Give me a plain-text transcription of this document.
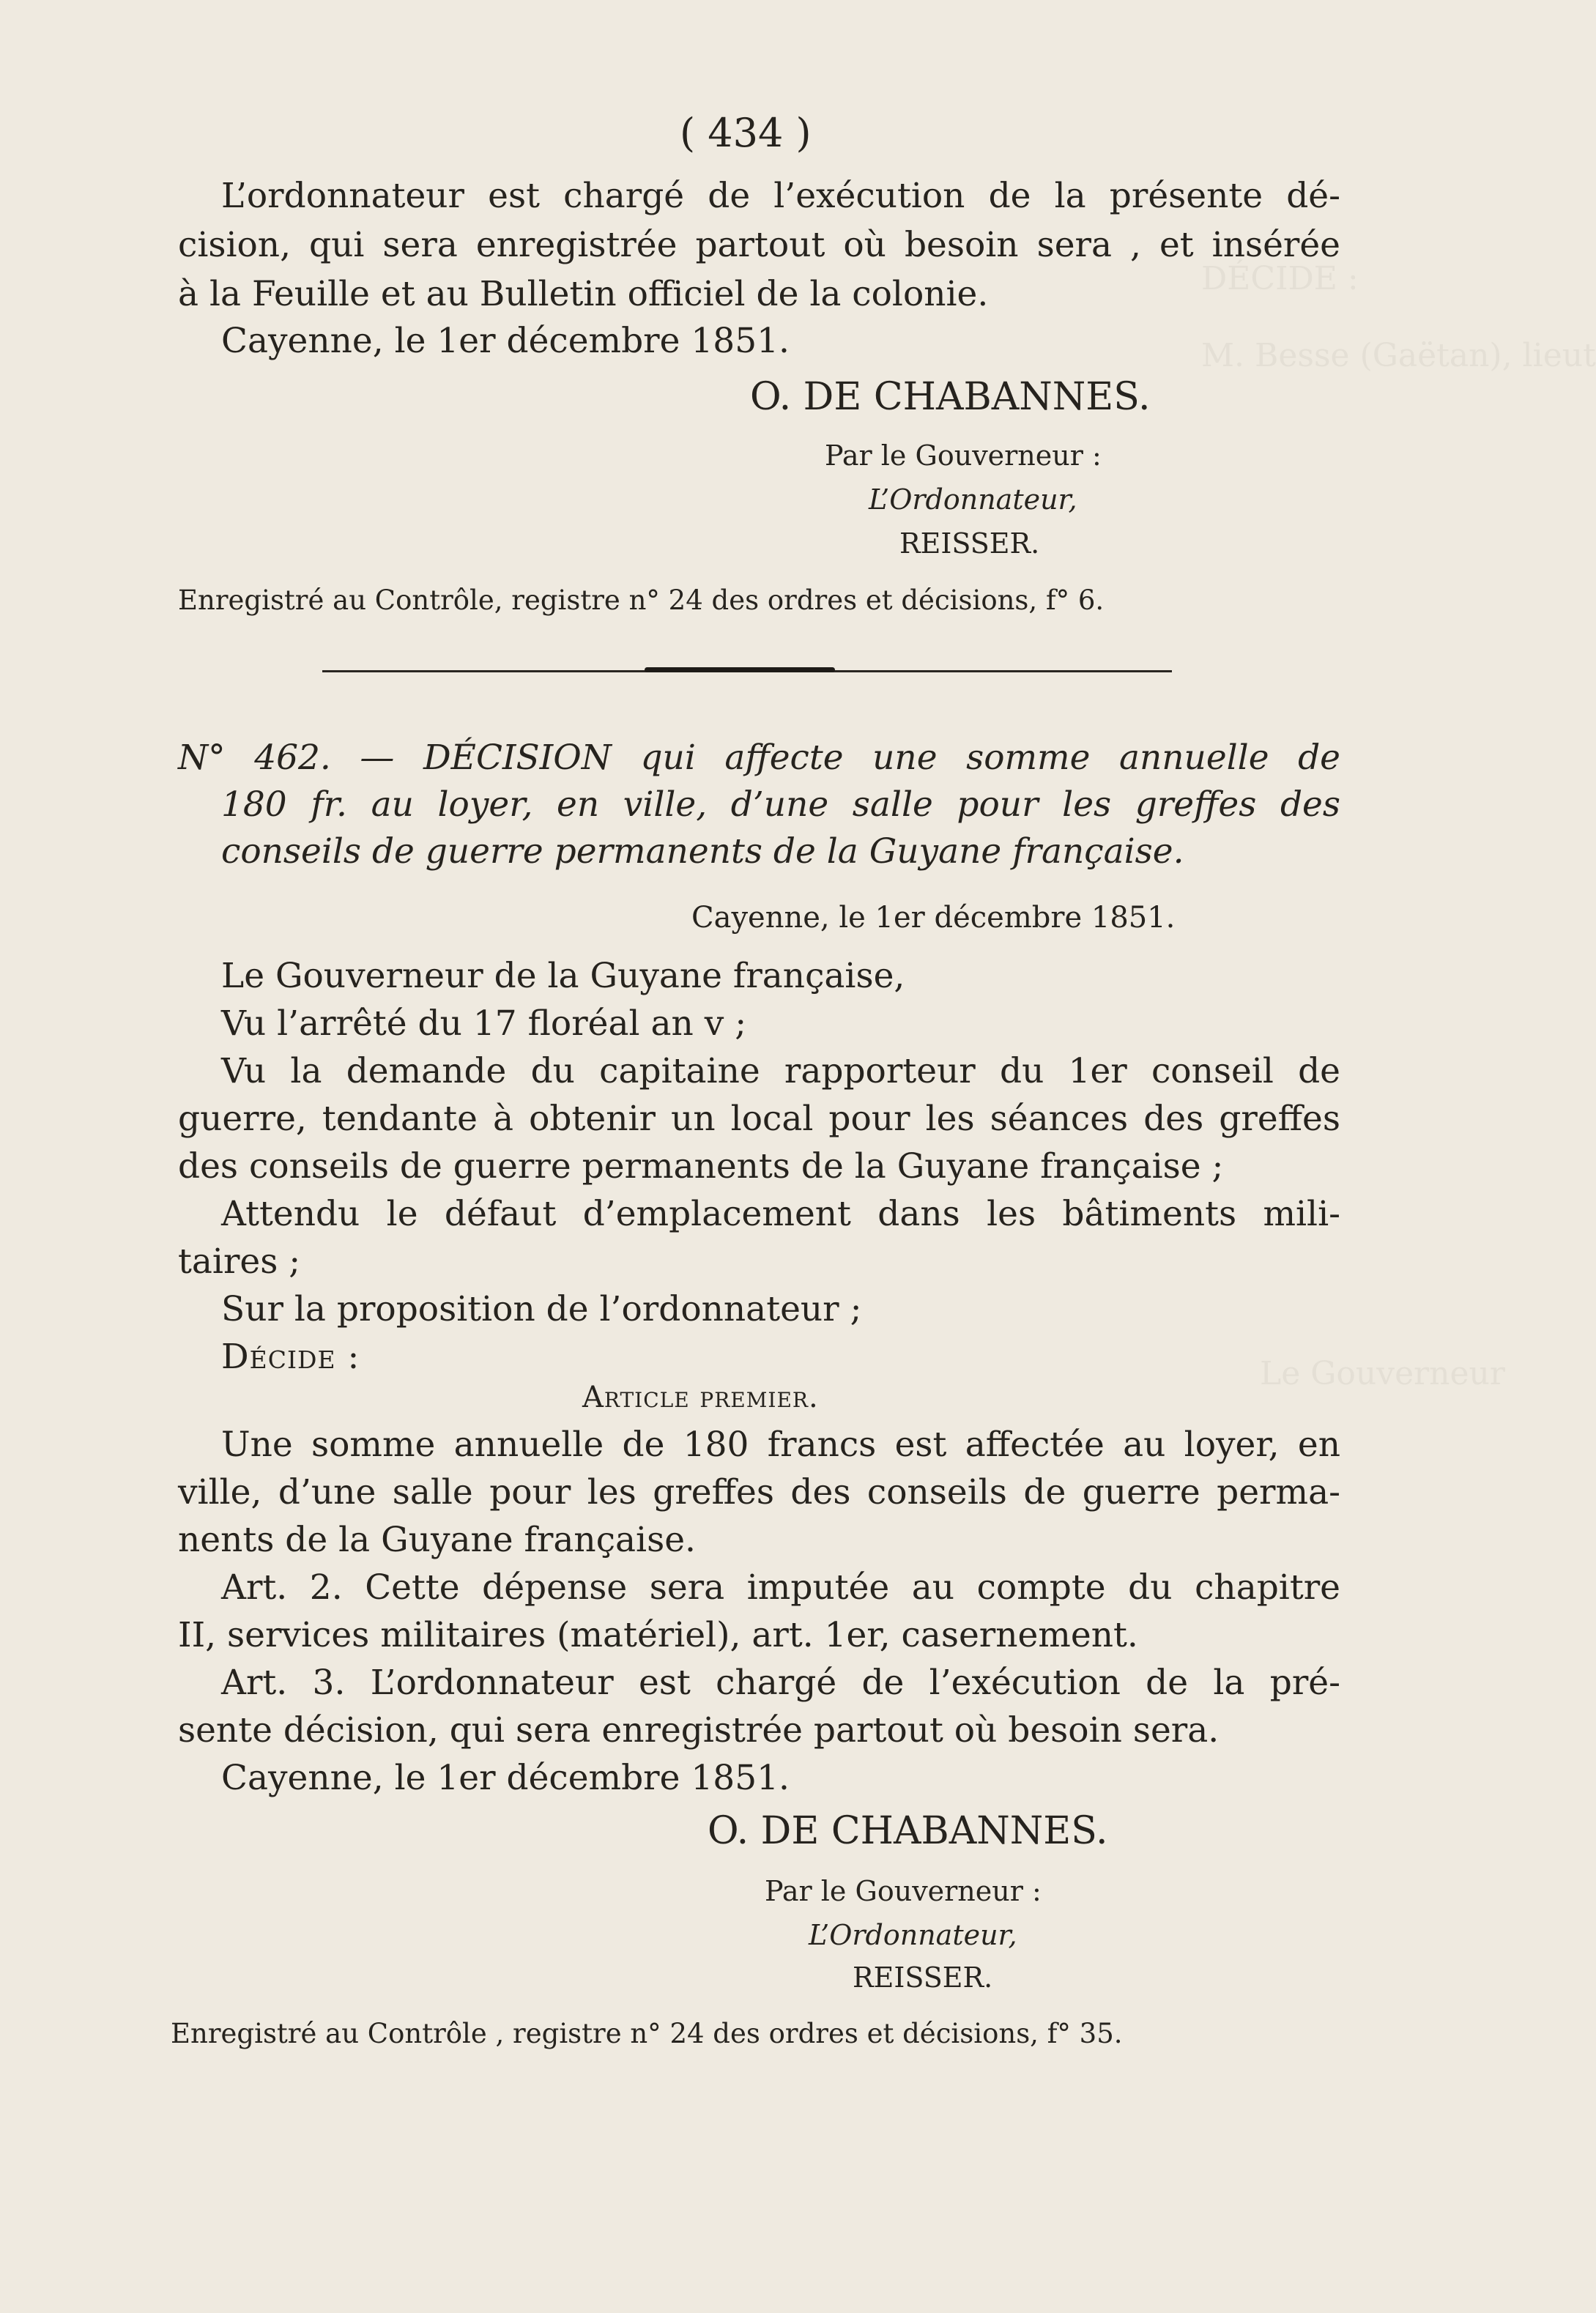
DÉCIDE :
M. Besse (Gaëtan), lieut
Le Gouverneur
( 434 )

L’ordonnateur est chargé de l’exécution de la présente dé-

cision, qui sera enregistrée partout où besoin sera , et insérée

à la Feuille et au Bulletin officiel de la colonie.

Cayenne, le 1er décembre 1851.

O. DE CHABANNES.

Par le Gouverneur :

L’Ordonnateur,

REISSER.

Enregistré au Contrôle, registre n° 24 des ordres et décisions, f° 6.

N° 462. — DÉCISION qui affecte une somme annuelle de

180 fr. au loyer, en ville, d’une salle pour les greffes des

conseils de guerre permanents de la Guyane française.

Cayenne, le 1er décembre 1851.

Le Gouverneur de la Guyane française,

Vu l’arrêté du 17 floréal an v ;

Vu la demande du capitaine rapporteur du 1er conseil de

guerre, tendante à obtenir un local pour les séances des greffes

des conseils de guerre permanents de la Guyane française ;

Attendu le défaut d’emplacement dans les bâtiments mili-

taires ;

Sur la proposition de l’ordonnateur ;

Décide :

Article premier.

Une somme annuelle de 180 francs est affectée au loyer, en

ville, d’une salle pour les greffes des conseils de guerre perma-

nents de la Guyane française.

Art. 2. Cette dépense sera imputée au compte du chapitre

II, services militaires (matériel), art. 1er, casernement.

Art. 3. L’ordonnateur est chargé de l’exécution de la pré-

sente décision, qui sera enregistrée partout où besoin sera.

Cayenne, le 1er décembre 1851.

O. DE CHABANNES.

Par le Gouverneur :

L’Ordonnateur,

REISSER.

Enregistré au Contrôle , registre n° 24 des ordres et décisions, f° 35.
